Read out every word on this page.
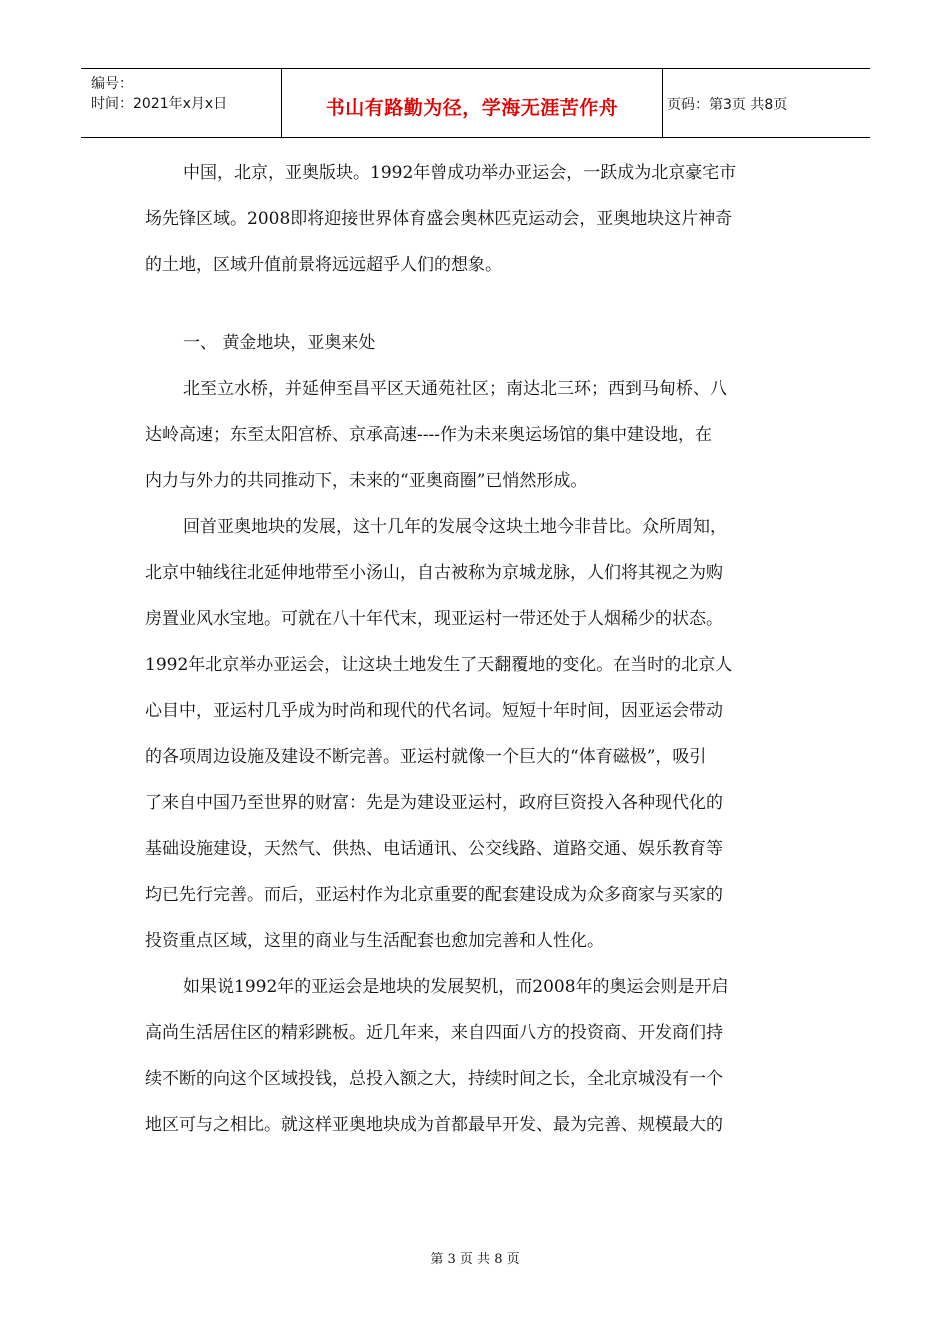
编号：
时间：2021年x月x日	书山有路勤为径，学海无涯苦作舟	页码：第3页 共8页
中国，北京，亚奥版块。1992年曾成功举办亚运会，一跃成为北京豪宅市
场先锋区域。2008即将迎接世界体育盛会奥林匹克运动会，亚奥地块这片神奇
的土地，区域升值前景将远远超乎人们的想象。
一、 黄金地块，亚奥来处
北至立水桥，并延伸至昌平区天通苑社区；南达北三环；西到马甸桥、八
达岭高速；东至太阳宫桥、京承高速----作为未来奥运场馆的集中建设地，在
内力与外力的共同推动下，未来的“亚奥商圈”已悄然形成。
回首亚奥地块的发展，这十几年的发展令这块土地今非昔比。众所周知，
北京中轴线往北延伸地带至小汤山，自古被称为京城龙脉，人们将其视之为购
房置业风水宝地。可就在八十年代末，现亚运村一带还处于人烟稀少的状态。
1992年北京举办亚运会，让这块土地发生了天翻覆地的变化。在当时的北京人
心目中，亚运村几乎成为时尚和现代的代名词。短短十年时间，因亚运会带动
的各项周边设施及建设不断完善。亚运村就像一个巨大的“体育磁极”，吸引
了来自中国乃至世界的财富：先是为建设亚运村，政府巨资投入各种现代化的
基础设施建设，天然气、供热、电话通讯、公交线路、道路交通、娱乐教育等
均已先行完善。而后，亚运村作为北京重要的配套建设成为众多商家与买家的
投资重点区域，这里的商业与生活配套也愈加完善和人性化。
如果说1992年的亚运会是地块的发展契机，而2008年的奥运会则是开启
高尚生活居住区的精彩跳板。近几年来，来自四面八方的投资商、开发商们持
续不断的向这个区域投钱，总投入额之大，持续时间之长，全北京城没有一个
地区可与之相比。就这样亚奥地块成为首都最早开发、最为完善、规模最大的
第 3 页 共 8 页
